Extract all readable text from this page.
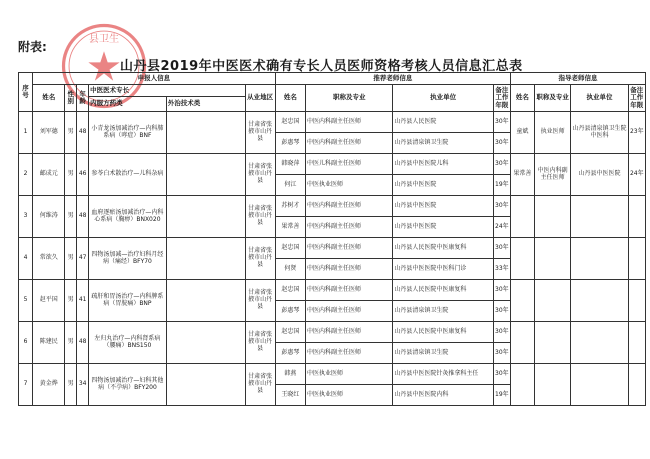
附表:
县卫生
山丹县2019年中医医术确有专长人员医师资格考核人员信息汇总表
序号	申报人信息						推荐老师信息				指导老师信息			
	姓名	性别	年龄	中医医术专长		从业地区	姓名	职称及专业	执业单位	备注工作年限	姓名	职称及专业	执业单位	备注工作年限
				内服方药类	外治技术类									
1	刘军德	男	48	小青龙汤加减治疗—内科肺系病（哮症）BNF		甘肃省张掖市山丹县	赵忠国	中医内科副主任医师	山丹县人民医院	30年	童斌	执业医师	山丹县清泉镇卫生院中医科	23年
							彭惠琴	中医内科副主任医师	山丹县清泉镇卫生院	30年				
2	邮成元	男	46	参苓白术散治疗—儿科杂病		甘肃省张掖市山丹县	韩晓萍	中医儿科副主任医师	山丹县中医医院儿科	30年	果常善	中医内科副主任医师	山丹县中医医院	24年
							何江	中医执业医师	山丹县中医医院	19年				
3	何维涛	男	48	血府逐瘀汤加减治疗—内科心系病（胸痹）BNX020		甘肃省张掖市山丹县	苏树才	中医内科副主任医师	山丹县中医医院	30年				
							果常善	中医内科副主任医师	山丹县中医医院	24年				
4	常欲久	男	47	四物汤加减—治疗妇科月经病（痛经）BFY70		甘肃省张掖市山丹县	赵忠国	中医内科副主任医师	山丹县人民医院中医康复科	30年				
							何贤	中医内科副主任医师	山丹县中医医院中医科门诊	33年				
5	赵平国	男	41	疏肝和胃汤治疗—内科脾系病（胃脘痛）BNP		甘肃省张掖市山丹县	赵忠国	中医内科副主任医师	山丹县人民医院中医康复科	30年				
							彭惠琴	中医内科副主任医师	山丹县清泉镇卫生院	30年				
6	陈建民	男	48	左归丸治疗—内科肾系病（腰痛）BNS150		甘肃省张掖市山丹县	赵忠国	中医内科副主任医师	山丹县人民医院中医康复科	30年				
							彭惠琴	中医内科副主任医师	山丹县清泉镇卫生院	30年				
7	黄金烨	男	34	四物汤加减治疗—妇科其他病（不孕病）BFY200		甘肃省张掖市山丹县	韩燕	中医执业医师	山丹县中医医院针灸推拿科主任	30年				
							王晓红	中医执业医师	山丹县中医医院内科	19年				
